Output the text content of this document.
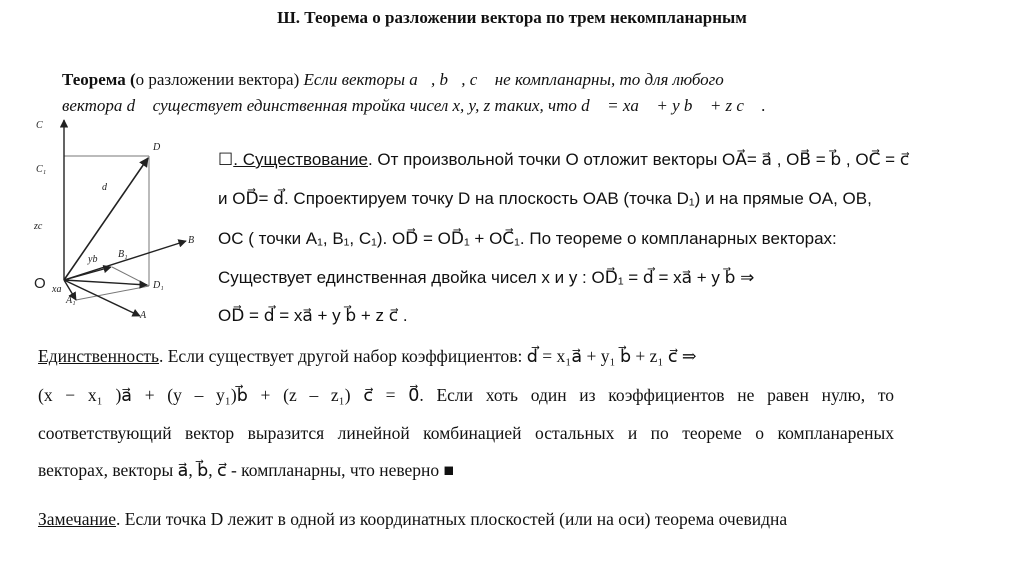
Ш. Теорема о разложении вектора по трем некомпланарным
Теорема (о разложении вектора) Если векторы a⃗, b⃗, c⃗ не компланарны, то для любого
вектора d⃗ существует единственная тройка чисел x, y, z таких, что d⃗ = xa⃗ + y b⃗ + z c⃗ .
C
C₁
D
d⃗
zc⃗
yb⃗ B₁
B
O xa⃗
A₁
D₁
A
☐. Существование. От произвольной точки O отложит векторы OA⃗= a⃗ , OB⃗ = b⃗ , OC⃗ = c⃗
и OD⃗= d⃗. Спроектируем точку D на плоскость OAB (точка D₁) и на прямые OA, OB,
OC ( точки A₁, B₁, C₁). OD⃗ = OD⃗₁ + OC⃗₁. По теореме о компланарных векторах:
Существует единственная двойка чисел x и y : OD⃗₁ = d⃗ = xa⃗ + y b⃗ ⇒
OD⃗ = d⃗ = xa⃗ + y b⃗ + z c⃗ .
Единственность. Если существует другой набор коэффициентов: d⃗ = x₁a⃗ + y₁ b⃗ + z₁ c⃗ ⇒
(x − x₁ )a⃗ + (y – y₁)b⃗ + (z – z₁) c⃗ = 0⃗. Если хоть один из коэффициентов не равен нулю, то
соответствующий вектор выразится линейной комбинацией остальных и по теореме о компланареных
векторах, векторы a⃗, b⃗, c⃗ - компланарны, что неверно ■
Замечание. Если точка D лежит в одной из координатных плоскостей (или на оси) теорема очевидна
